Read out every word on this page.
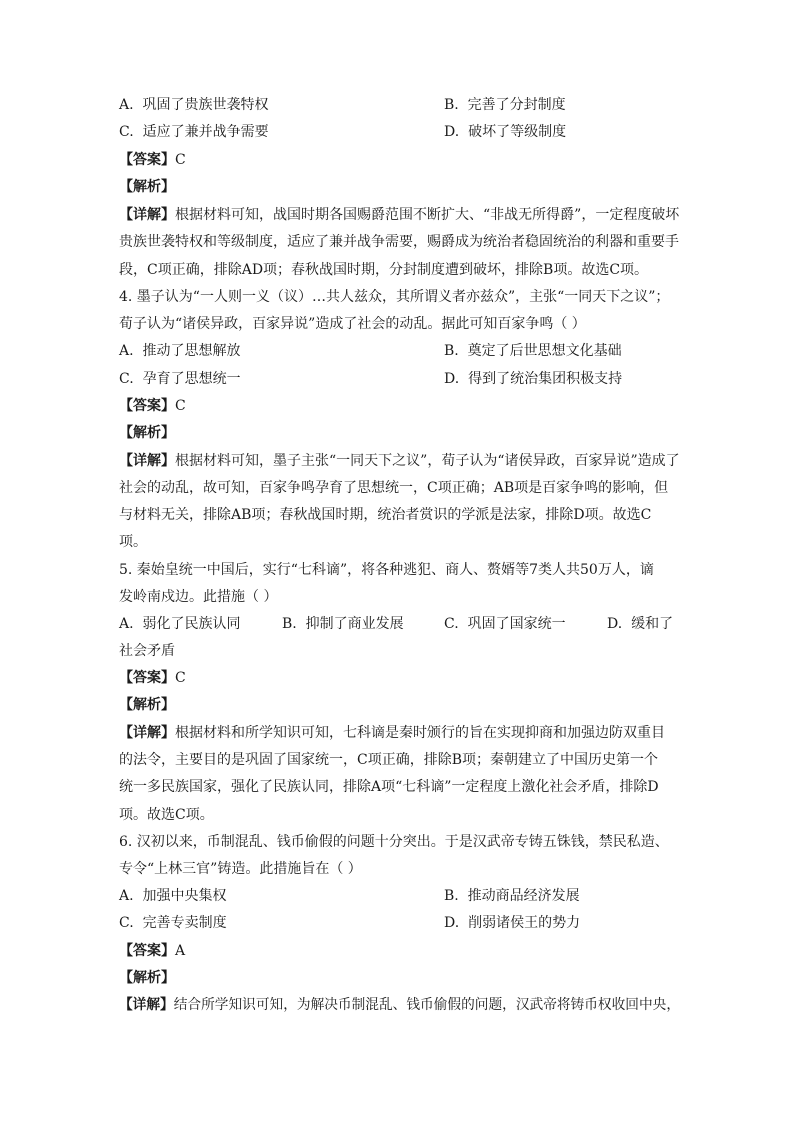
A. 巩固了贵族世袭特权	B. 完善了分封制度
C. 适应了兼并战争需要	D. 破坏了等级制度
【答案】C
【解析】
【详解】根据材料可知，战国时期各国赐爵范围不断扩大、“非战无所得爵”，一定程度破坏
贵族世袭特权和等级制度，适应了兼并战争需要，赐爵成为统治者稳固统治的利器和重要手
段，C项正确，排除AD项；春秋战国时期，分封制度遭到破坏，排除B项。故选C项。
4. 墨子认为“一人则一义（议）…共人兹众，其所谓义者亦兹众”，主张“一同天下之议”；
荀子认为“诸侯异政，百家异说”造成了社会的动乱。据此可知百家争鸣（ ）
A. 推动了思想解放	B. 奠定了后世思想文化基础
C. 孕育了思想统一	D. 得到了统治集团积极支持
【答案】C
【解析】
【详解】根据材料可知，墨子主张“一同天下之议”，荀子认为“诸侯异政，百家异说”造成了
社会的动乱，故可知，百家争鸣孕育了思想统一，C项正确；AB项是百家争鸣的影响，但
与材料无关，排除AB项；春秋战国时期，统治者赏识的学派是法家，排除D项。故选C
项。
5. 秦始皇统一中国后，实行“七科谪”，将各种逃犯、商人、赘婿等7类人共50万人，谪
发岭南戍边。此措施（ ）
A. 弱化了民族认同	B. 抑制了商业发展	C. 巩固了国家统一	D. 缓和了
社会矛盾
【答案】C
【解析】
【详解】根据材料和所学知识可知，七科谪是秦时颁行的旨在实现抑商和加强边防双重目
的法令，主要目的是巩固了国家统一，C项正确，排除B项；秦朝建立了中国历史第一个
统一多民族国家，强化了民族认同，排除A项“七科谪”一定程度上激化社会矛盾，排除D
项。故选C项。
6. 汉初以来，币制混乱、钱币偷假的问题十分突出。于是汉武帝专铸五铢钱，禁民私造、
专令“上林三官”铸造。此措施旨在（ ）
A. 加强中央集权	B. 推动商品经济发展
C. 完善专卖制度	D. 削弱诸侯王的势力
【答案】A
【解析】
【详解】结合所学知识可知，为解决币制混乱、钱币偷假的问题，汉武帝将铸币权收回中央，
